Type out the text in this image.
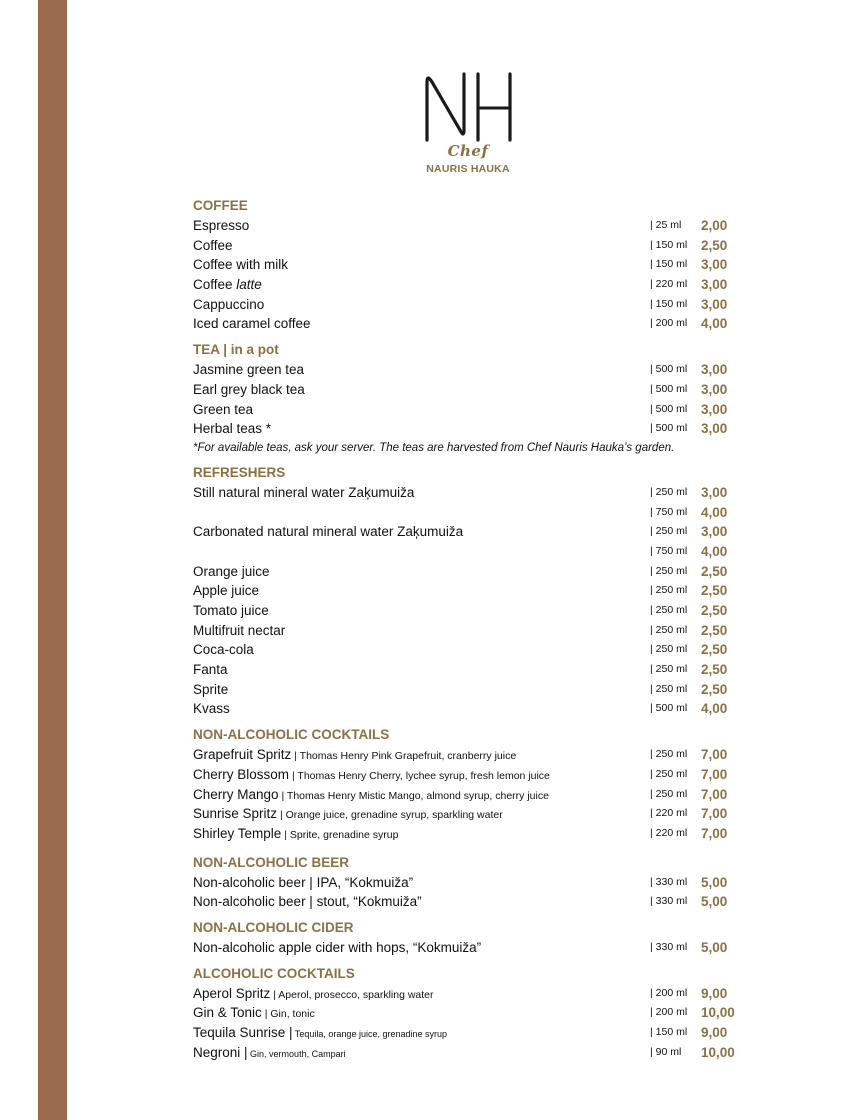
Chef
NAURIS HAUKA
COFFEE
Espresso	| 25 ml 2,00
Coffee	| 150 ml 2,50
Coffee with milk	| 150 ml 3,00
Coffee latte	| 220 ml 3,00
Cappuccino	| 150 ml 3,00
Iced caramel coffee	| 200 ml 4,00
TEA | in a pot
Jasmine green tea	| 500 ml 3,00
Earl grey black tea	| 500 ml 3,00
Green tea	| 500 ml 3,00
Herbal teas *	| 500 ml 3,00
*For available teas, ask your server. The teas are harvested from Chef Nauris Hauka’s garden.
REFRESHERS
Still natural mineral water Zaķumuiža	| 250 ml 3,00
| 750 ml 4,00
Carbonated natural mineral water Zaķumuiža	| 250 ml 3,00
| 750 ml 4,00
Orange juice	| 250 ml 2,50
Apple juice	| 250 ml 2,50
Tomato juice	| 250 ml 2,50
Multifruit nectar	| 250 ml 2,50
Coca-cola	| 250 ml 2,50
Fanta	| 250 ml 2,50
Sprite	| 250 ml 2,50
Kvass	| 500 ml 4,00
NON-ALCOHOLIC COCKTAILS
Grapefruit Spritz | Thomas Henry Pink Grapefruit, cranberry juice	| 250 ml 7,00
Cherry Blossom | Thomas Henry Cherry, lychee syrup, fresh lemon juice	| 250 ml 7,00
Cherry Mango | Thomas Henry Mistic Mango, almond syrup, cherry juice	| 250 ml 7,00
Sunrise Spritz | Orange juice, grenadine syrup, sparkling water	| 220 ml 7,00
Shirley Temple | Sprite, grenadine syrup	| 220 ml 7,00
NON-ALCOHOLIC BEER
Non-alcoholic beer | IPA, “Kokmuiža”	| 330 ml 5,00
Non-alcoholic beer | stout, “Kokmuiža”	| 330 ml 5,00
NON-ALCOHOLIC CIDER
Non-alcoholic apple cider with hops, “Kokmuiža”	| 330 ml 5,00
ALCOHOLIC COCKTAILS
Aperol Spritz | Aperol, prosecco, sparkling water	| 200 ml 9,00
Gin & Tonic | Gin, tonic	| 200 ml 10,00
Tequila Sunrise | Tequila, orange juice, grenadine syrup	| 150 ml 9,00
Negroni | Gin, vermouth, Campari	| 90 ml 10,00
